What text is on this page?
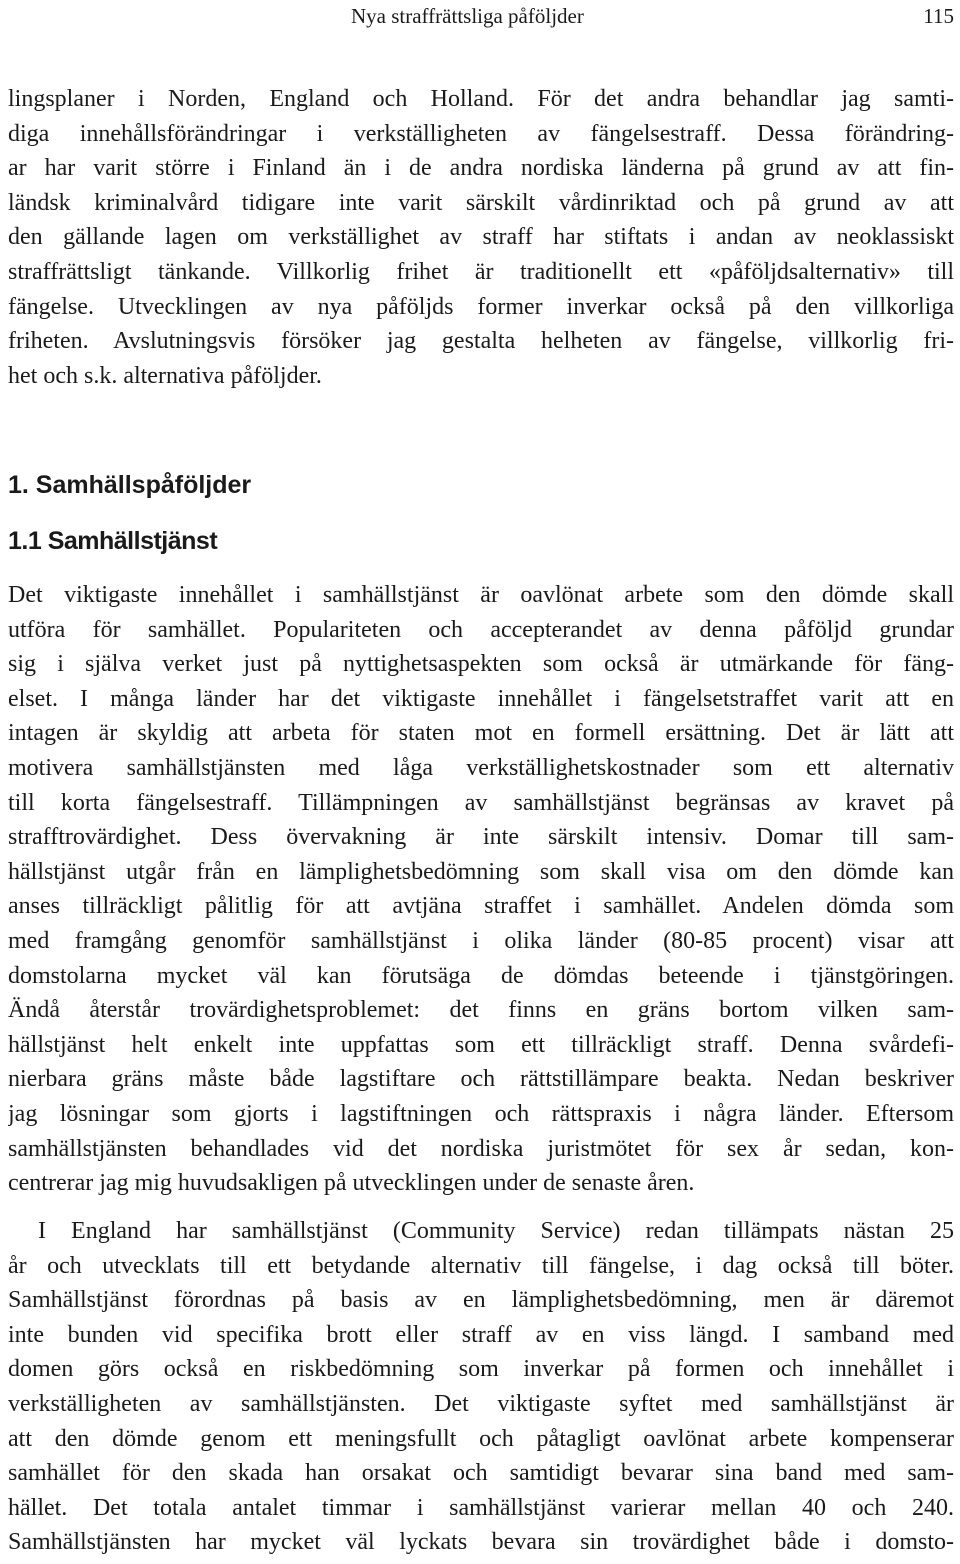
Nya straffrättsliga påföljder	115
lingsplaner i Norden, England och Holland. För det andra behandlar jag samti-
diga innehållsförändringar i verkställigheten av fängelsestraff. Dessa förändring-
ar har varit större i Finland än i de andra nordiska länderna på grund av att fin-
ländsk kriminalvård tidigare inte varit särskilt vårdinriktad och på grund av att
den gällande lagen om verkställighet av straff har stiftats i andan av neoklassiskt
straffrättsligt tänkande. Villkorlig frihet är traditionellt ett «påföljdsalternativ» till
fängelse. Utvecklingen av nya påföljds former inverkar också på den villkorliga
friheten. Avslutningsvis försöker jag gestalta helheten av fängelse, villkorlig fri-
het och s.k. alternativa påföljder.
1. Samhällspåföljder
1.1 Samhällstjänst
Det viktigaste innehållet i samhällstjänst är oavlönat arbete som den dömde skall
utföra för samhället. Populariteten och accepterandet av denna påföljd grundar
sig i själva verket just på nyttighetsaspekten som också är utmärkande för fäng-
elset. I många länder har det viktigaste innehållet i fängelsetstraffet varit att en
intagen är skyldig att arbeta för staten mot en formell ersättning. Det är lätt att
motivera samhällstjänsten med låga verkställighetskostnader som ett alternativ
till korta fängelsestraff. Tillämpningen av samhällstjänst begränsas av kravet på
strafftrovärdighet. Dess övervakning är inte särskilt intensiv. Domar till sam-
hällstjänst utgår från en lämplighetsbedömning som skall visa om den dömde kan
anses tillräckligt pålitlig för att avtjäna straffet i samhället. Andelen dömda som
med framgång genomför samhällstjänst i olika länder (80-85 procent) visar att
domstolarna mycket väl kan förutsäga de dömdas beteende i tjänstgöringen.
Ändå återstår trovärdighetsproblemet: det finns en gräns bortom vilken sam-
hällstjänst helt enkelt inte uppfattas som ett tillräckligt straff. Denna svårdefi-
nierbara gräns måste både lagstiftare och rättstillämpare beakta. Nedan beskriver
jag lösningar som gjorts i lagstiftningen och rättspraxis i några länder. Eftersom
samhällstjänsten behandlades vid det nordiska juristmötet för sex år sedan, kon-
centrerar jag mig huvudsakligen på utvecklingen under de senaste åren.
I England har samhällstjänst (Community Service) redan tillämpats nästan 25
år och utvecklats till ett betydande alternativ till fängelse, i dag också till böter.
Samhällstjänst förordnas på basis av en lämplighetsbedömning, men är däremot
inte bunden vid specifika brott eller straff av en viss längd. I samband med
domen görs också en riskbedömning som inverkar på formen och innehållet i
verkställigheten av samhällstjänsten. Det viktigaste syftet med samhällstjänst är
att den dömde genom ett meningsfullt och påtagligt oavlönat arbete kompenserar
samhället för den skada han orsakat och samtidigt bevarar sina band med sam-
hället. Det totala antalet timmar i samhällstjänst varierar mellan 40 och 240.
Samhällstjänsten har mycket väl lyckats bevara sin trovärdighet både i domsto-
